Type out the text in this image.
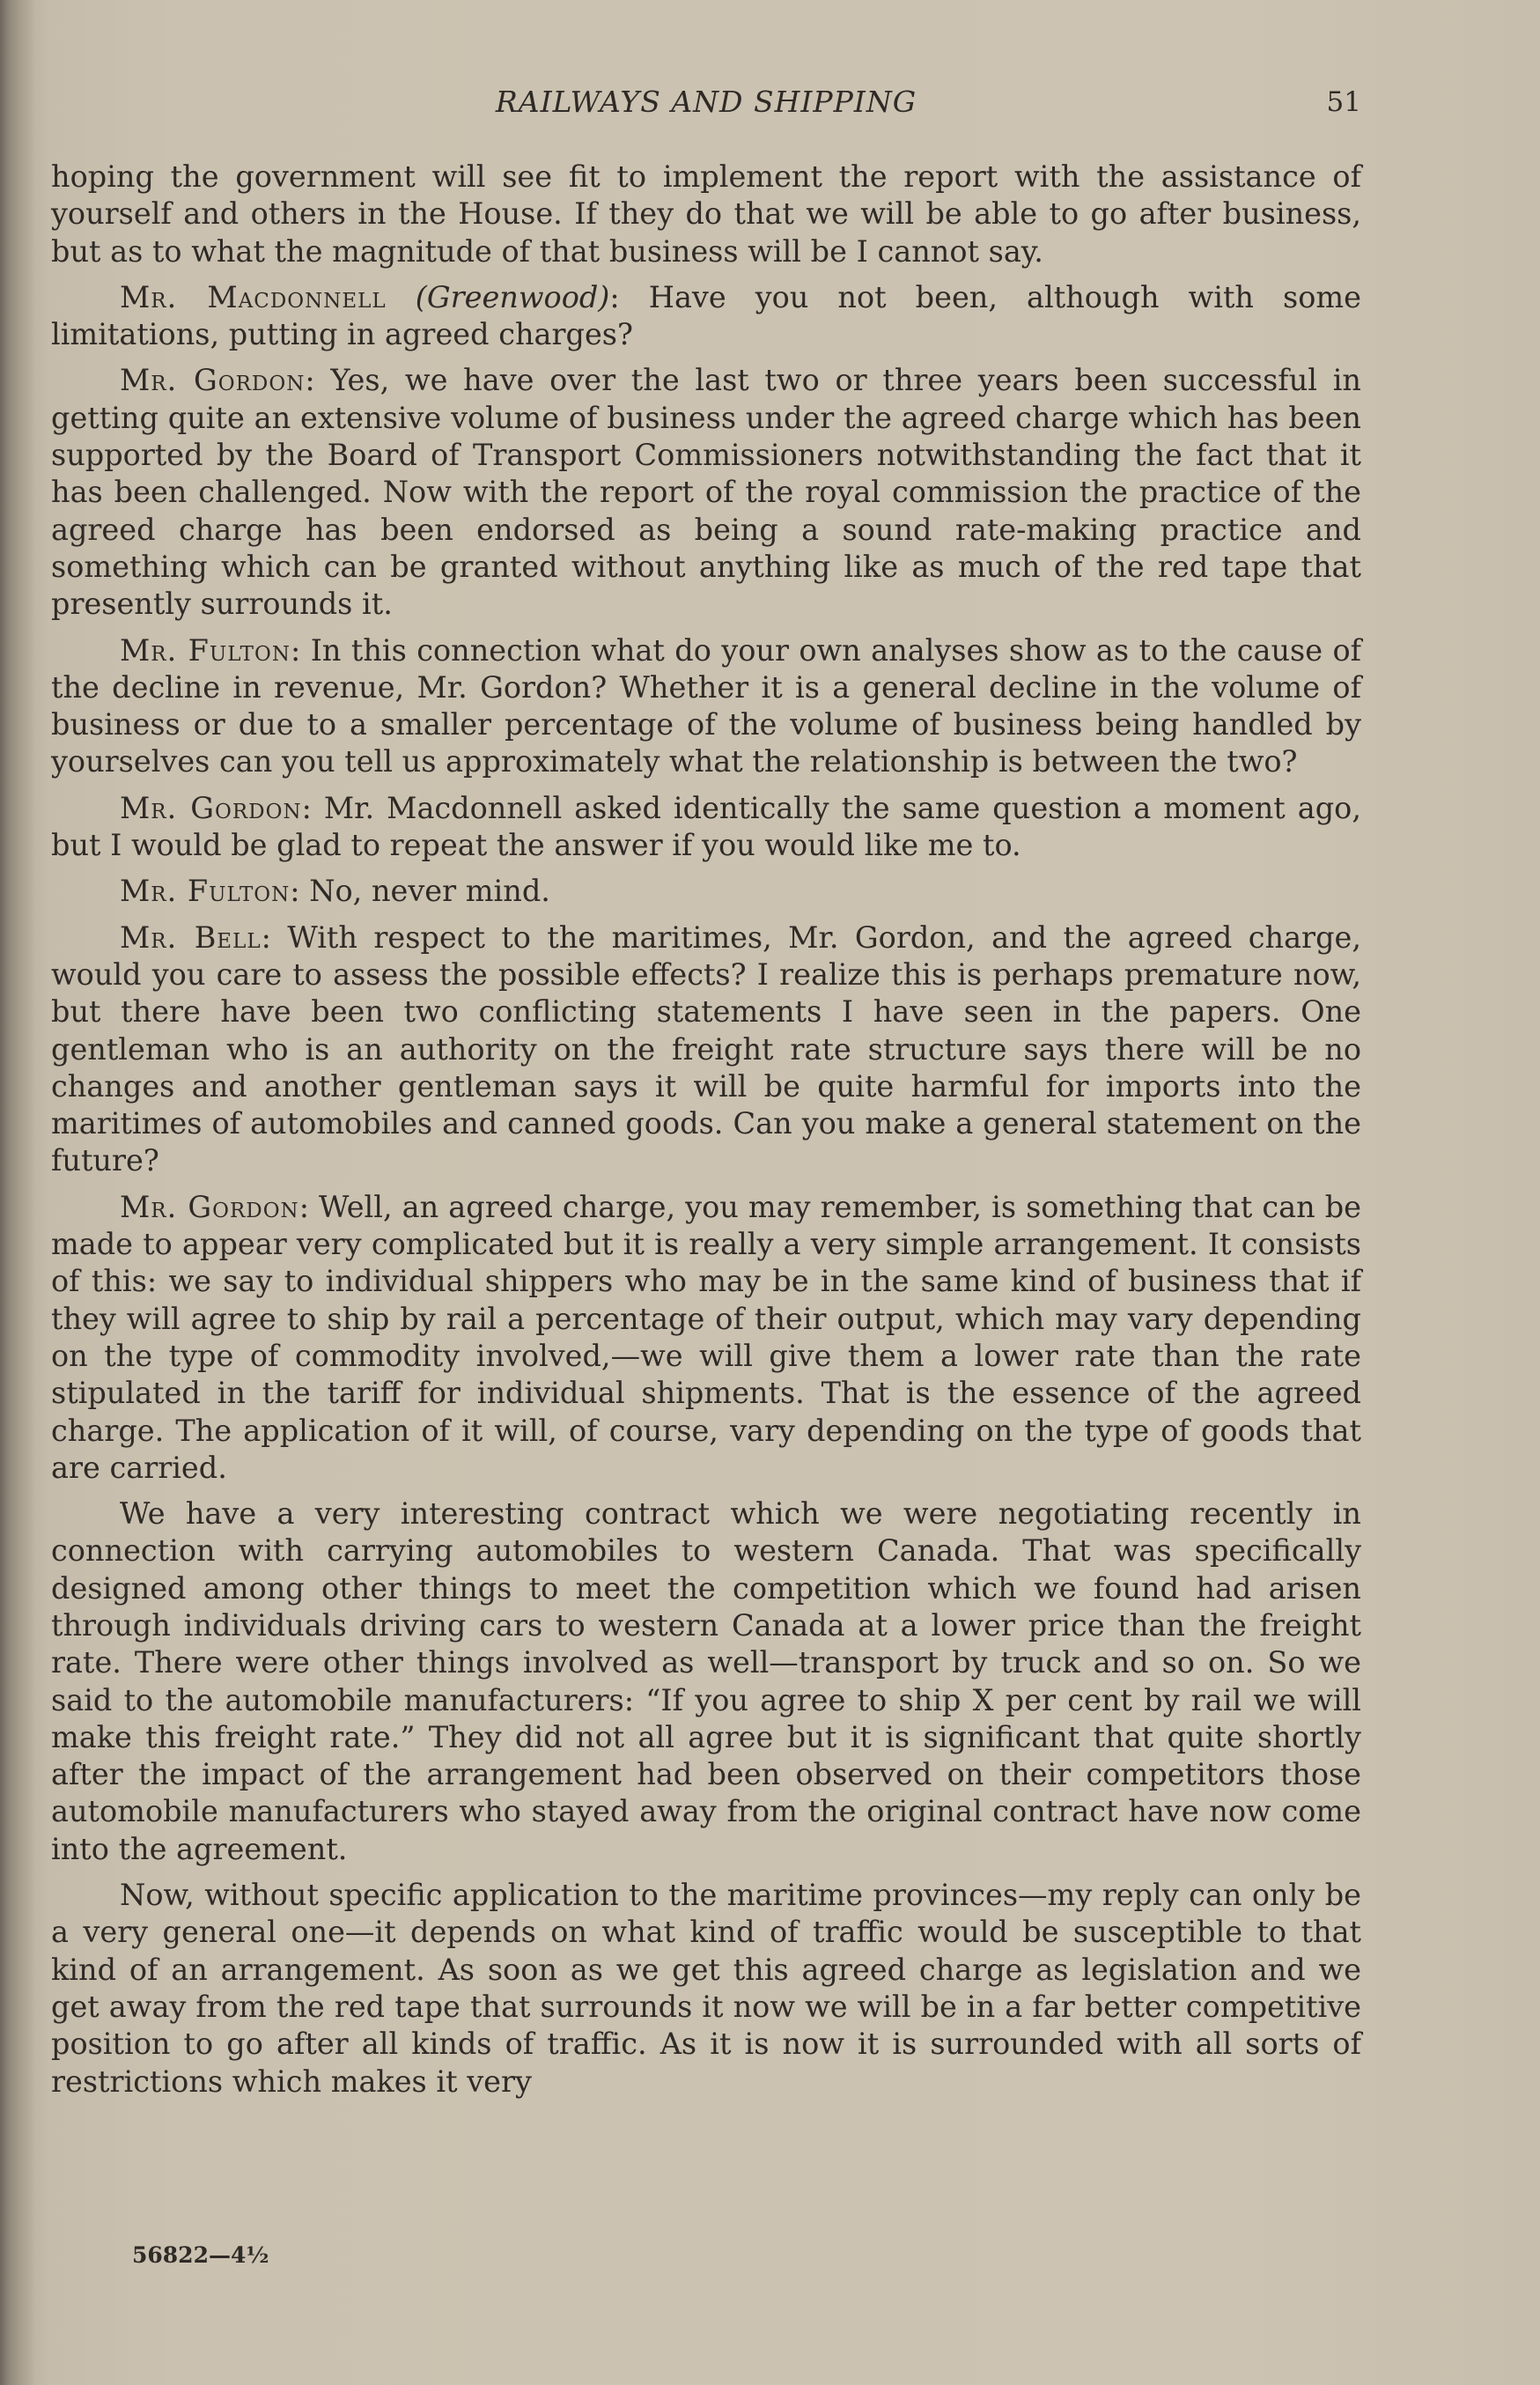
RAILWAYS AND SHIPPING	51

hoping the government will see fit to implement the report with the assistance of yourself and others in the House. If they do that we will be able to go after business, but as to what the magnitude of that business will be I cannot say.

Mr. Macdonnell (Greenwood): Have you not been, although with some limitations, putting in agreed charges?

Mr. Gordon: Yes, we have over the last two or three years been successful in getting quite an extensive volume of business under the agreed charge which has been supported by the Board of Transport Commissioners notwithstanding the fact that it has been challenged. Now with the report of the royal commission the practice of the agreed charge has been endorsed as being a sound rate-making practice and something which can be granted without anything like as much of the red tape that presently surrounds it.

Mr. Fulton: In this connection what do your own analyses show as to the cause of the decline in revenue, Mr. Gordon? Whether it is a general decline in the volume of business or due to a smaller percentage of the volume of business being handled by yourselves can you tell us approximately what the relationship is between the two?

Mr. Gordon: Mr. Macdonnell asked identically the same question a moment ago, but I would be glad to repeat the answer if you would like me to.

Mr. Fulton: No, never mind.

Mr. Bell: With respect to the maritimes, Mr. Gordon, and the agreed charge, would you care to assess the possible effects? I realize this is perhaps premature now, but there have been two conflicting statements I have seen in the papers. One gentleman who is an authority on the freight rate structure says there will be no changes and another gentleman says it will be quite harmful for imports into the maritimes of automobiles and canned goods. Can you make a general statement on the future?

Mr. Gordon: Well, an agreed charge, you may remember, is something that can be made to appear very complicated but it is really a very simple arrangement. It consists of this: we say to individual shippers who may be in the same kind of business that if they will agree to ship by rail a percentage of their output, which may vary depending on the type of commodity involved,—we will give them a lower rate than the rate stipulated in the tariff for individual shipments. That is the essence of the agreed charge. The application of it will, of course, vary depending on the type of goods that are carried.

We have a very interesting contract which we were negotiating recently in connection with carrying automobiles to western Canada. That was specifically designed among other things to meet the competition which we found had arisen through individuals driving cars to western Canada at a lower price than the freight rate. There were other things involved as well—transport by truck and so on. So we said to the automobile manufacturers: “If you agree to ship X per cent by rail we will make this freight rate.” They did not all agree but it is significant that quite shortly after the impact of the arrangement had been observed on their competitors those automobile manufacturers who stayed away from the original contract have now come into the agreement.

Now, without specific application to the maritime provinces—my reply can only be a very general one—it depends on what kind of traffic would be susceptible to that kind of an arrangement. As soon as we get this agreed charge as legislation and we get away from the red tape that surrounds it now we will be in a far better competitive position to go after all kinds of traffic. As it is now it is surrounded with all sorts of restrictions which makes it very

56822—4½
